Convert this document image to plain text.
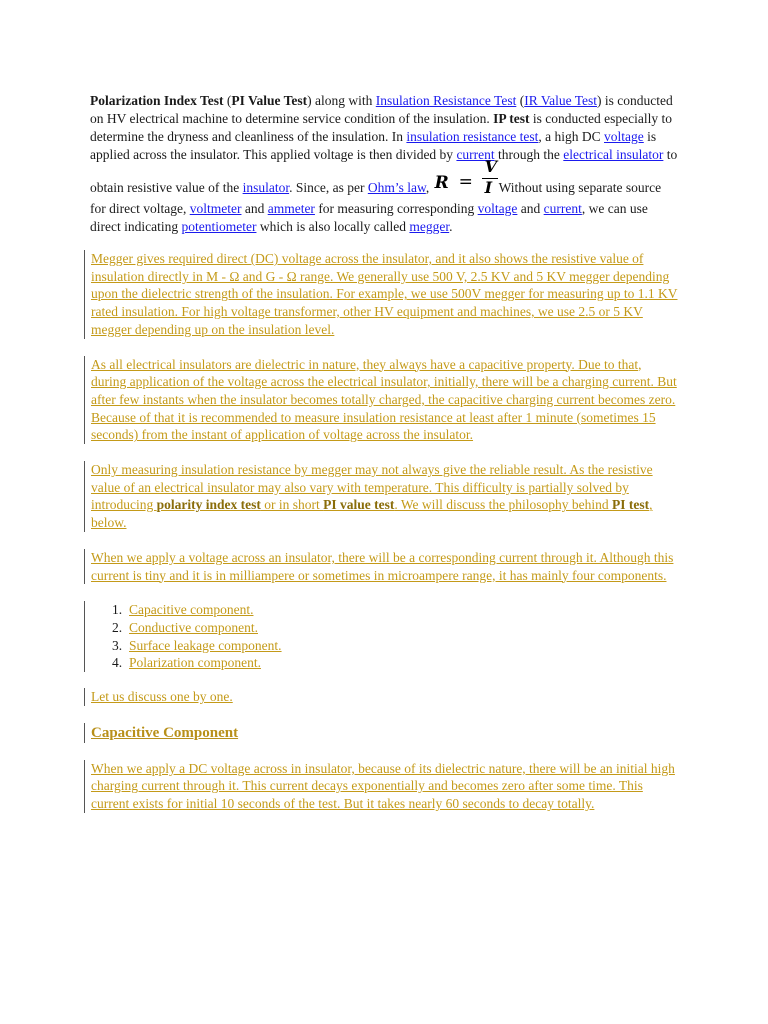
Polarization Index Test (PI Value Test) along with Insulation Resistance Test (IR Value Test) is conducted on HV electrical machine to determine service condition of the insulation. IP test is conducted especially to determine the dryness and cleanliness of the insulation. In insulation resistance test, a high DC voltage is applied across the insulator. This applied voltage is then divided by current through the electrical insulator to obtain resistive value of the insulator. Since, as per Ohm’s law, R =
V
I Without using separate source for direct voltage, voltmeter and ammeter for measuring corresponding voltage and current, we can use direct indicating potentiometer which is also locally called megger.

Megger gives required direct (DC) voltage across the insulator, and it also shows the resistive value of insulation directly in M - Ω and G - Ω range. We generally use 500 V, 2.5 KV and 5 KV megger depending upon the dielectric strength of the insulation. For example, we use 500V megger for measuring up to 1.1 KV rated insulation. For high voltage transformer, other HV equipment and machines, we use 2.5 or 5 KV megger depending up on the insulation level.
As all electrical insulators are dielectric in nature, they always have a capacitive property. Due to that, during application of the voltage across the electrical insulator, initially, there will be a charging current. But after few instants when the insulator becomes totally charged, the capacitive charging current becomes zero. Because of that it is recommended to measure insulation resistance at least after 1 minute (sometimes 15 seconds) from the instant of application of voltage across the insulator.
Only measuring insulation resistance by megger may not always give the reliable result. As the resistive value of an electrical insulator may also vary with temperature. This difficulty is partially solved by introducing polarity index test or in short PI value test. We will discuss the philosophy behind PI test, below.
When we apply a voltage across an insulator, there will be a corresponding current through it. Although this current is tiny and it is in milliampere or sometimes in microampere range, it has mainly four components.
1. Capacitive component.
2. Conductive component.
3. Surface leakage component.
4. Polarization component.
Let us discuss one by one.
Capacitive Component
When we apply a DC voltage across in insulator, because of its dielectric nature, there will be an initial high charging current through it. This current decays exponentially and becomes zero after some time. This current exists for initial 10 seconds of the test. But it takes nearly 60 seconds to decay totally.
